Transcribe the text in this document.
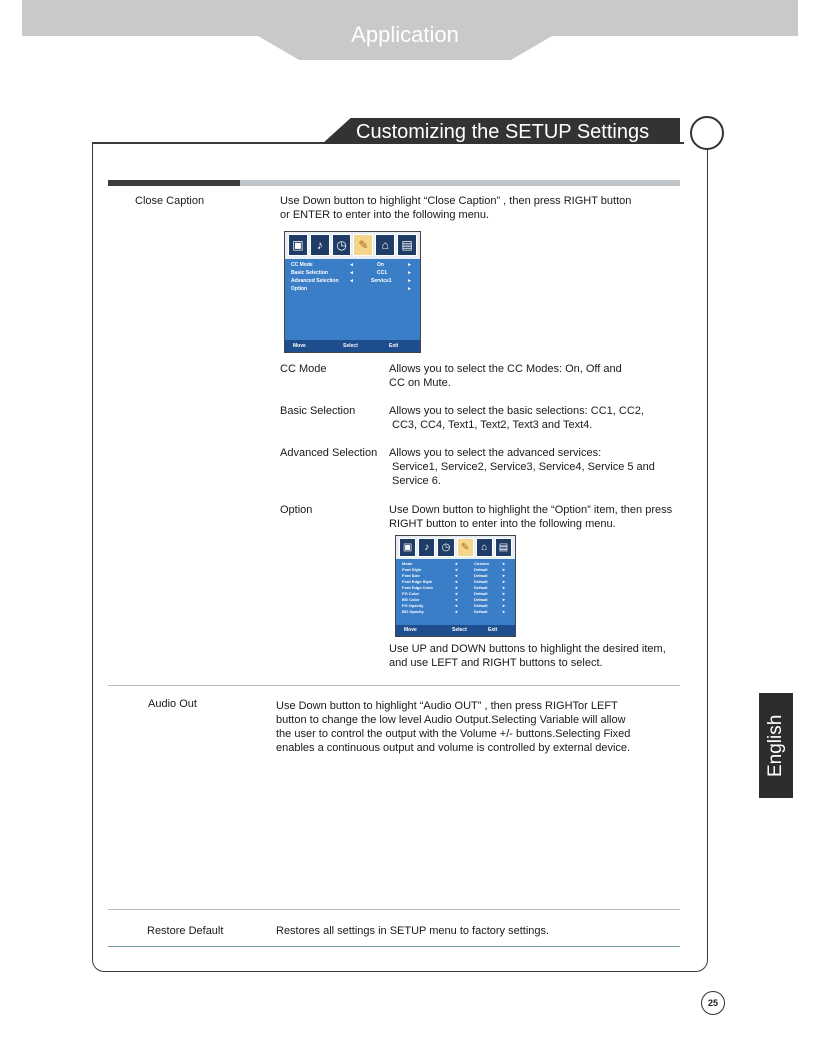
Application
Customizing the SETUP Settings
Close Caption	Use Down button to highlight “Close Caption” , then press RIGHT button
or ENTER to enter into the following menu.
▣	♪	◷ ✎	⌂	▤
CC Mode	◄	On	►
Basic Selection	◄	CC1	►
Advanced Selection ◄	Service1	►
Option	►
Move	Select	Exit
CC Mode	Allows you to select the CC Modes: On, Off and
CC on Mute.
Basic Selection	Allows you to select the basic selections: CC1, CC2,
CC3, CC4, Text1, Text2, Text3 and Text4.
Advanced Selection Allows you to select the advanced services:
Service1, Service2, Service3, Service4, Service 5 and
Service 6.
Option	Use Down button to highlight the “Option” item, then press
RIGHT button to enter into the following menu.
▣	♪	◷	✎	⌂	▤
Mode	◄	Custom	►
Font Style	◄	Default	►
Font Size	◄	Default	►
Font Edge Style	◄	Default	►
Font Edge Color	◄	Default	►
FG Color	◄	Default	►
BG Color	◄	Default	►
FG Opacity	◄	Default	►
BG Opacity	◄	Default	►
Move	Select	Exit
Use UP and DOWN buttons to highlight the desired item,
and use LEFT and RIGHT buttons to select.
Audio Out	Use Down button to highlight “Audio OUT” , then press RIGHTor LEFT
button to change the low level Audio Output.Selecting Variable will allow
the user to control the output with the Volume +/- buttons.Selecting Fixed
enables a continuous output and volume is controlled by external device.
Restore Default	Restores all settings in SETUP menu to factory settings.
English
25
